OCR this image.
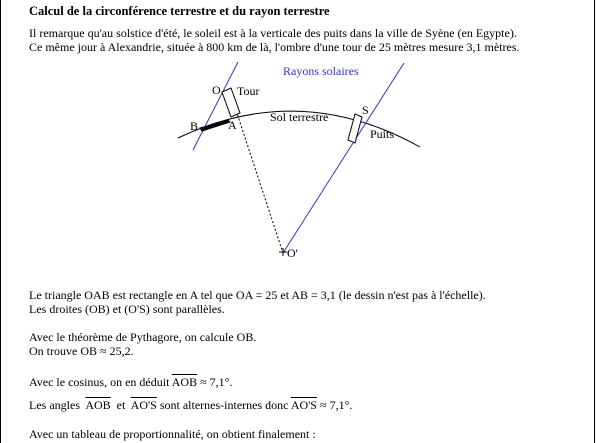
Calcul de la circonférence terrestre et du rayon terrestre
Il remarque qu'au solstice d'été, le soleil est à la verticale des puits dans la ville de Syène (en Egypte).
Ce même jour à Alexandrie, située à 800 km de là, l'ombre d'une tour de 25 mètres mesure 3,1 mètres.
O Tour
B A
Sol terrestre
Rayons solaires
S
Puits
O'
Le triangle OAB est rectangle en A tel que OA = 25 et AB = 3,1 (le dessin n'est pas à l'échelle).
Les droites (OB) et (O'S) sont parallèles.
Avec le théorème de Pythagore, on calcule OB.
On trouve OB ≈ 25,2.
Avec le cosinus, on en déduit $\overline{AOB} \approx 7,1^\circ$.
Les angles  $\overline{AOB}$  et  AO'S sont alternes-internes donc AO'S ≈ 7,1°.
Avec un tableau de proportionnalité, on obtient finalement :
